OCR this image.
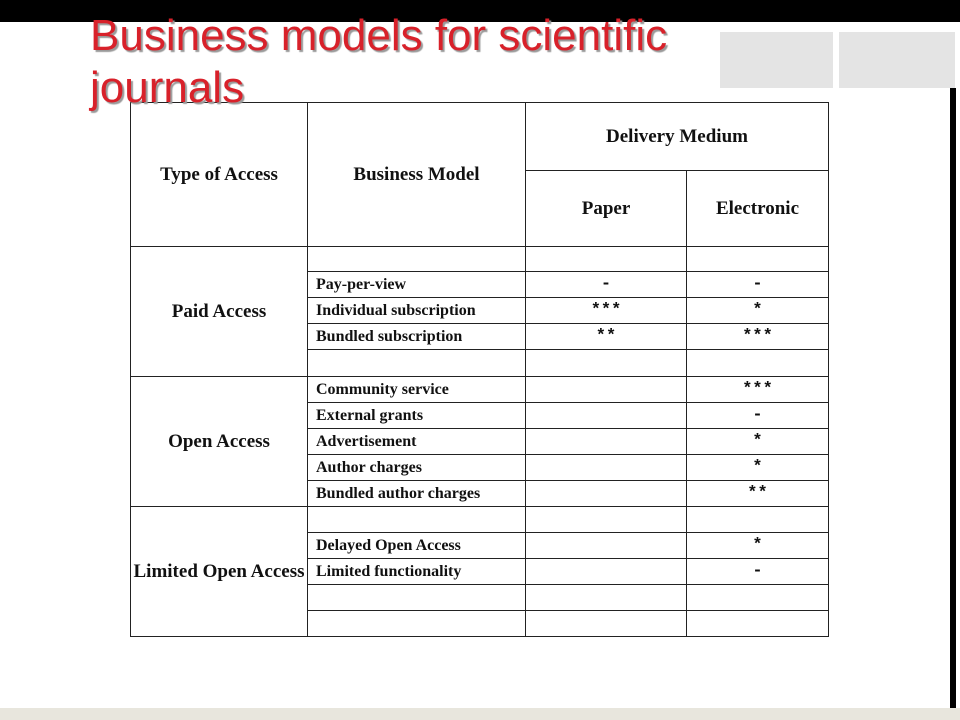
Business models for scientific journals
Type of Access	Business Model	Delivery Medium	
		Paper	Electronic
Paid Access			
	Pay-per-view	-	-
	Individual subscription	***	*
	Bundled subscription	**	***

Open Access	Community service		***
	External grants		-
	Advertisement		*
	Author charges		*
	Bundled author charges		**
Limited Open Access			
	Delayed Open Access		*
	Limited functionality		-
